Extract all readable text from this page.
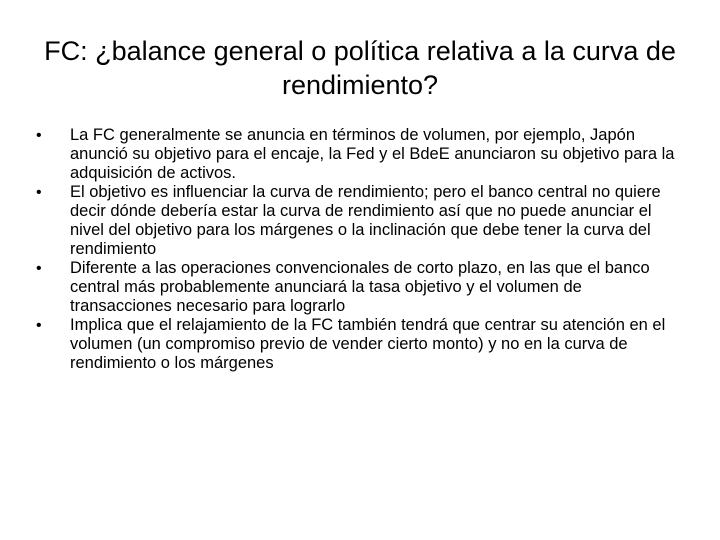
FC: ¿balance general o política relativa a la curva de rendimiento?
•	La FC generalmente se anuncia en términos de volumen, por ejemplo, Japón anunció su objetivo para el encaje, la Fed y el BdeE anunciaron su objetivo para la adquisición de activos.
•	El objetivo es influenciar la curva de rendimiento; pero el banco central no quiere decir dónde debería estar la curva de rendimiento así que no puede anunciar el nivel del objetivo para los márgenes o la inclinación que debe tener la curva del rendimiento
•	Diferente a las operaciones convencionales de corto plazo, en las que el banco central más probablemente anunciará la tasa objetivo y el volumen de transacciones necesario para lograrlo
•	Implica que el relajamiento de la FC también tendrá que centrar su atención en el volumen (un compromiso previo de vender cierto monto) y no en la curva de rendimiento o los márgenes
